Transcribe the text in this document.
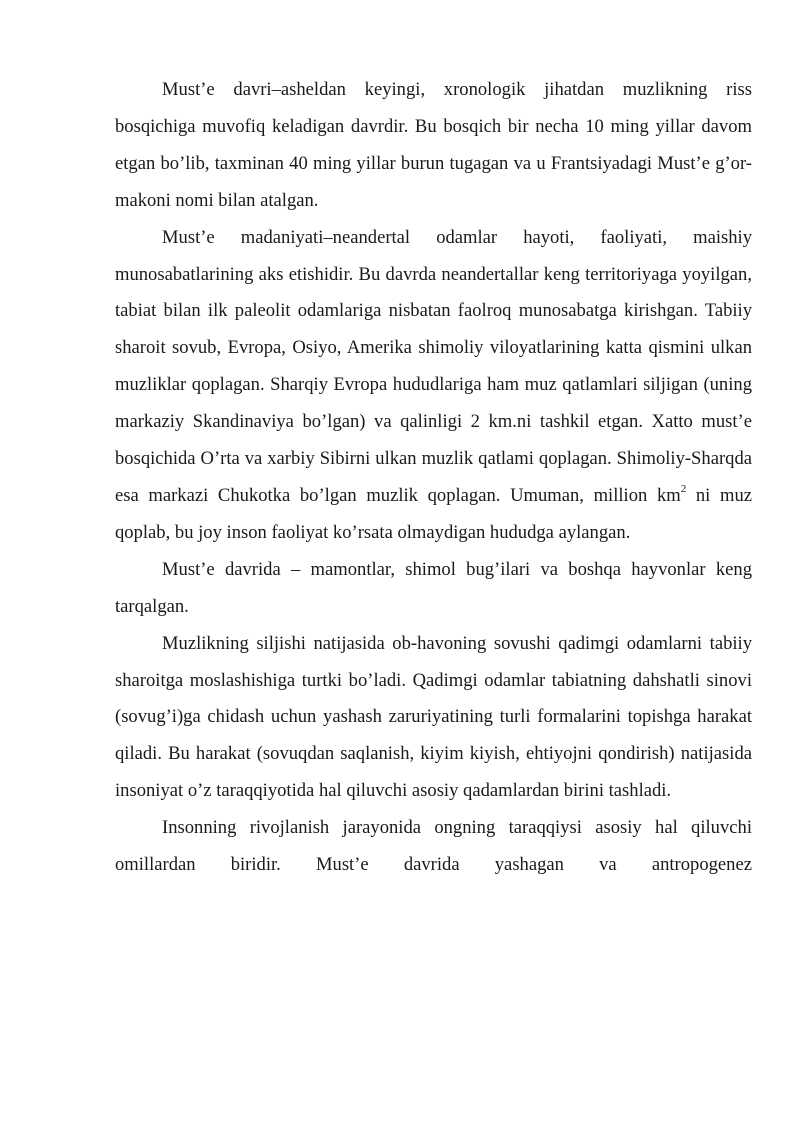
Must’e davri–asheldan keyingi, xronologik jihatdan muzlikning riss bosqichiga muvofiq keladigan davrdir. Bu bosqich bir necha 10 ming yillar davom etgan bo’lib, taxminan 40 ming yillar burun tugagan va u Frantsiyadagi Must’e g’or-makoni nomi bilan atalgan.

Must’e madaniyati–neandertal odamlar hayoti, faoliyati, maishiy munosabatlarining aks etishidir. Bu davrda neandertallar keng territoriyaga yoyilgan, tabiat bilan ilk paleolit odamlariga nisbatan faolroq munosabatga kirishgan. Tabiiy sharoit sovub, Evropa, Osiyo, Amerika shimoliy viloyatlarining katta qismini ulkan muzliklar qoplagan. Sharqiy Evropa hududlariga ham muz qatlamlari siljigan (uning markaziy Skandinaviya bo’lgan) va qalinligi 2 km.ni tashkil etgan. Xatto must’e bosqichida O’rta va xarbiy Sibirni ulkan muzlik qatlami qoplagan. Shimoliy-Sharqda esa markazi Chukotka bo’lgan muzlik qoplagan. Umuman, million $km^2$ ni muz qoplab, bu joy inson faoliyat ko’rsata olmaydigan hududga aylangan.

Must’e davrida – mamontlar, shimol bug’ilari va boshqa hayvonlar keng tarqalgan.

Muzlikning siljishi natijasida ob-havoning sovushi qadimgi odamlarni tabiiy sharoitga moslashishiga turtki bo’ladi. Qadimgi odamlar tabiatning dahshatli sinovi (sovug’i)ga chidash uchun yashash zaruriyatining turli formalarini topishga harakat qiladi. Bu harakat (sovuqdan saqlanish, kiyim kiyish, ehtiyojni qondirish) natijasida insoniyat o’z taraqqiyotida hal qiluvchi asosiy qadamlardan birini tashladi.

Insonning rivojlanish jarayonida ongning taraqqiysi asosiy hal qiluvchi omillardan biridir. Must’e davrida yashagan va antropogenez
